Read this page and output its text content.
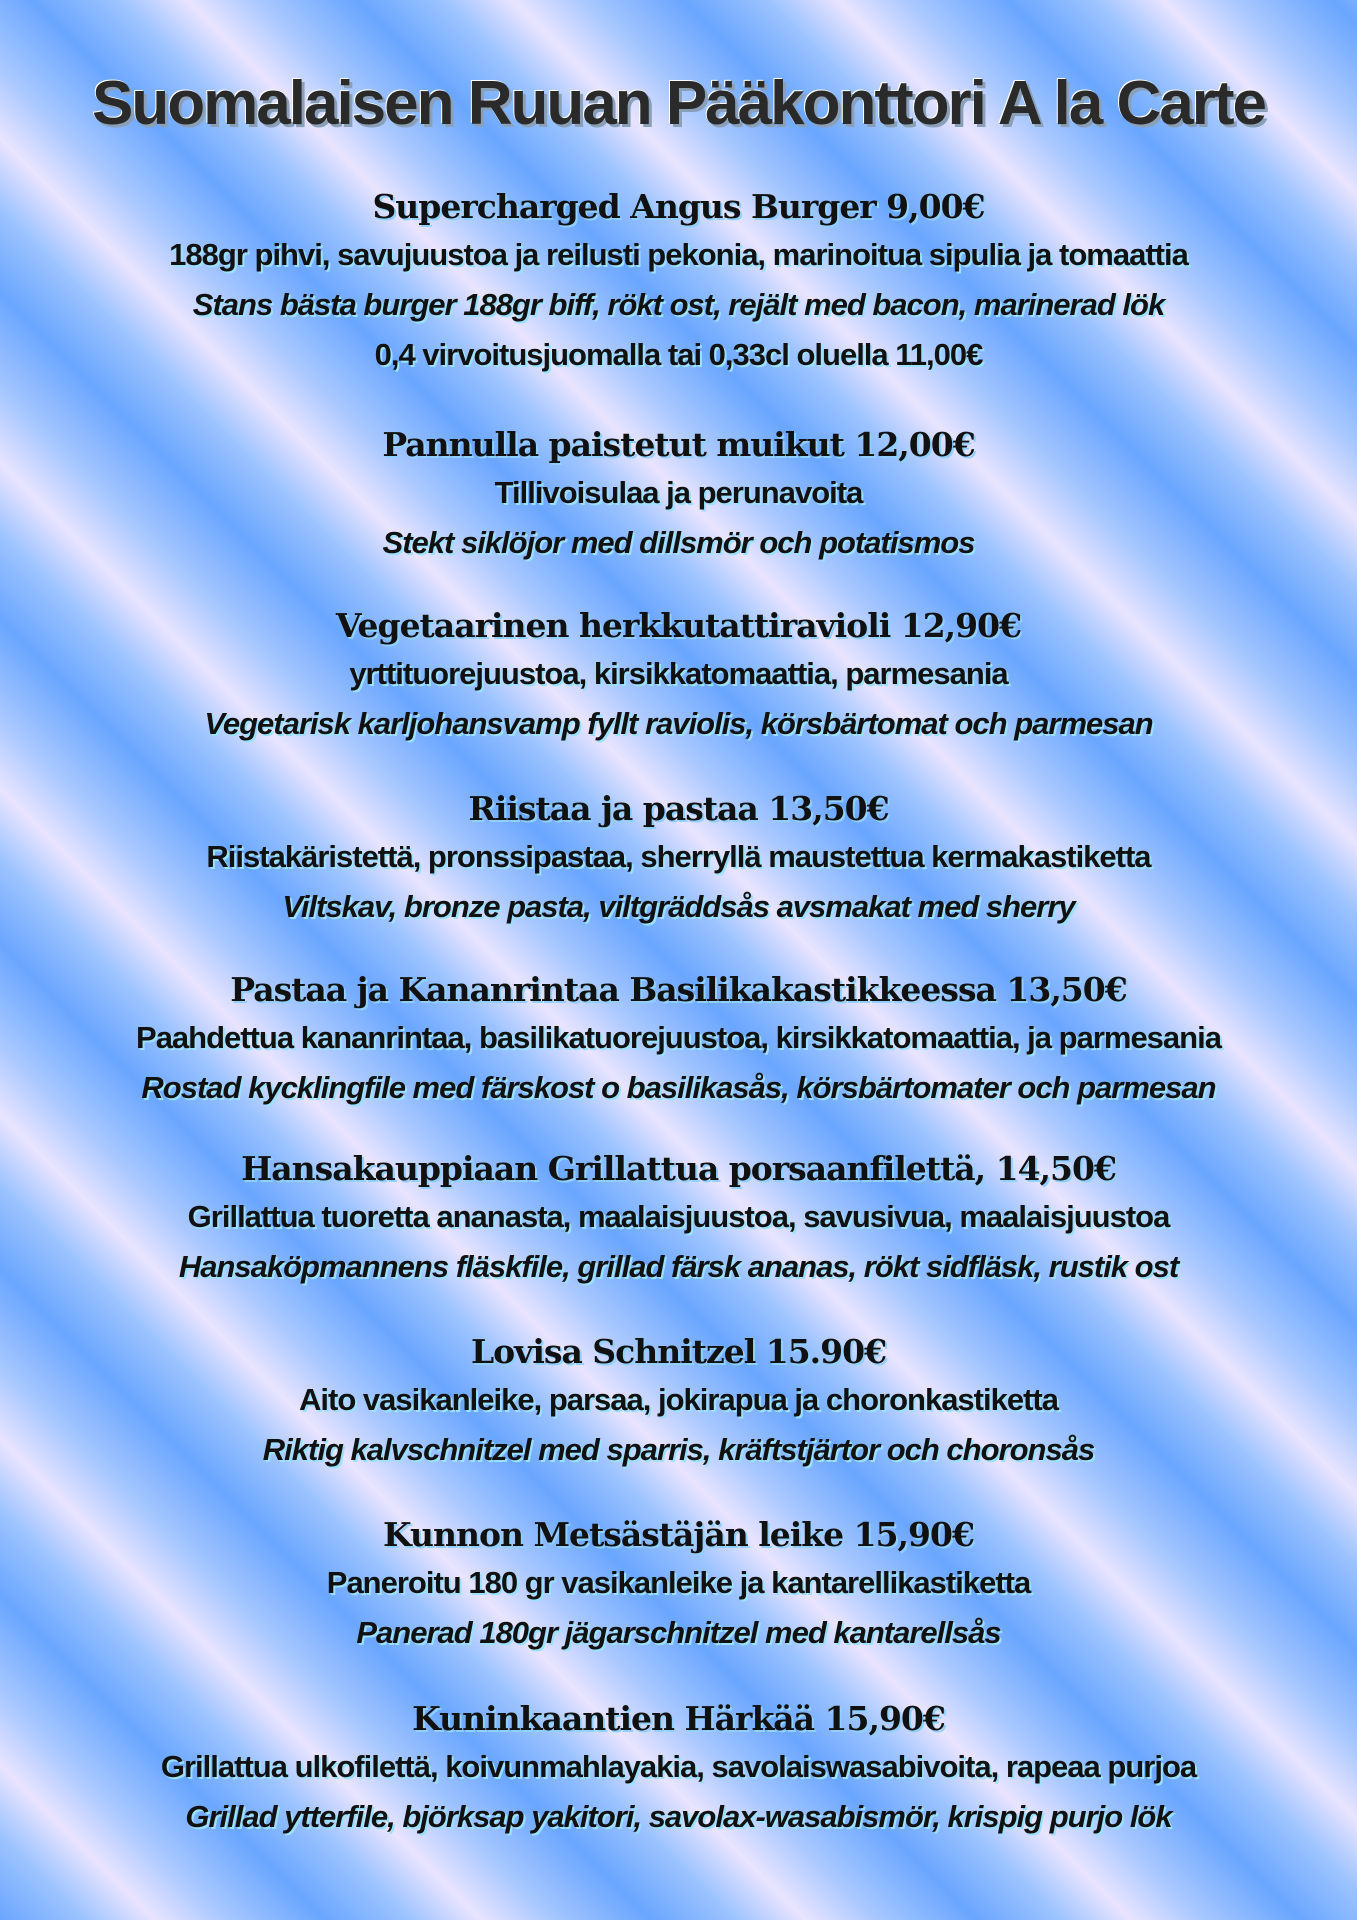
Suomalaisen Ruuan Pääkonttori A la Carte
Supercharged Angus Burger 9,00€
188gr pihvi, savujuustoa ja reilusti pekonia, marinoitua sipulia ja tomaattia
Stans bästa burger 188gr biff, rökt ost, rejält med bacon, marinerad lök
0,4 virvoitusjuomalla tai 0,33cl oluella 11,00€
Pannulla paistetut muikut 12,00€
Tillivoisulaa ja perunavoita
Stekt siklöjor med dillsmör och potatismos
Vegetaarinen herkkutattiravioli 12,90€
yrttituorejuustoa, kirsikkatomaattia, parmesania
Vegetarisk karljohansvamp fyllt raviolis, körsbärtomat och parmesan
Riistaa ja pastaa 13,50€
Riistakäristettä, pronssipastaa, sherryllä maustettua kermakastiketta
Viltskav, bronze pasta, viltgräddsås avsmakat med sherry
Pastaa ja Kananrintaa Basilikakastikkeessa 13,50€
Paahdettua kananrintaa, basilikatuorejuustoa, kirsikkatomaattia, ja parmesania
Rostad kycklingfile med färskost o basilikasås, körsbärtomater och parmesan
Hansakauppiaan Grillattua porsaanfilettä, 14,50€
Grillattua tuoretta ananasta, maalaisjuustoa, savusivua, maalaisjuustoa
Hansaköpmannens fläskfile, grillad färsk ananas, rökt sidfläsk, rustik ost
Lovisa Schnitzel 15.90€
Aito vasikanleike, parsaa, jokirapua ja choronkastiketta
Riktig kalvschnitzel med sparris, kräftstjärtor och choronsås
Kunnon Metsästäjän leike 15,90€
Paneroitu 180 gr vasikanleike ja kantarellikastiketta
Panerad 180gr jägarschnitzel med kantarellsås
Kuninkaantien Härkää 15,90€
Grillattua ulkofilettä, koivunmahlayakia, savolaiswasabivoita, rapeaa purjoa
Grillad ytterfile, björksap yakitori, savolax-wasabismör, krispig purjo lök
